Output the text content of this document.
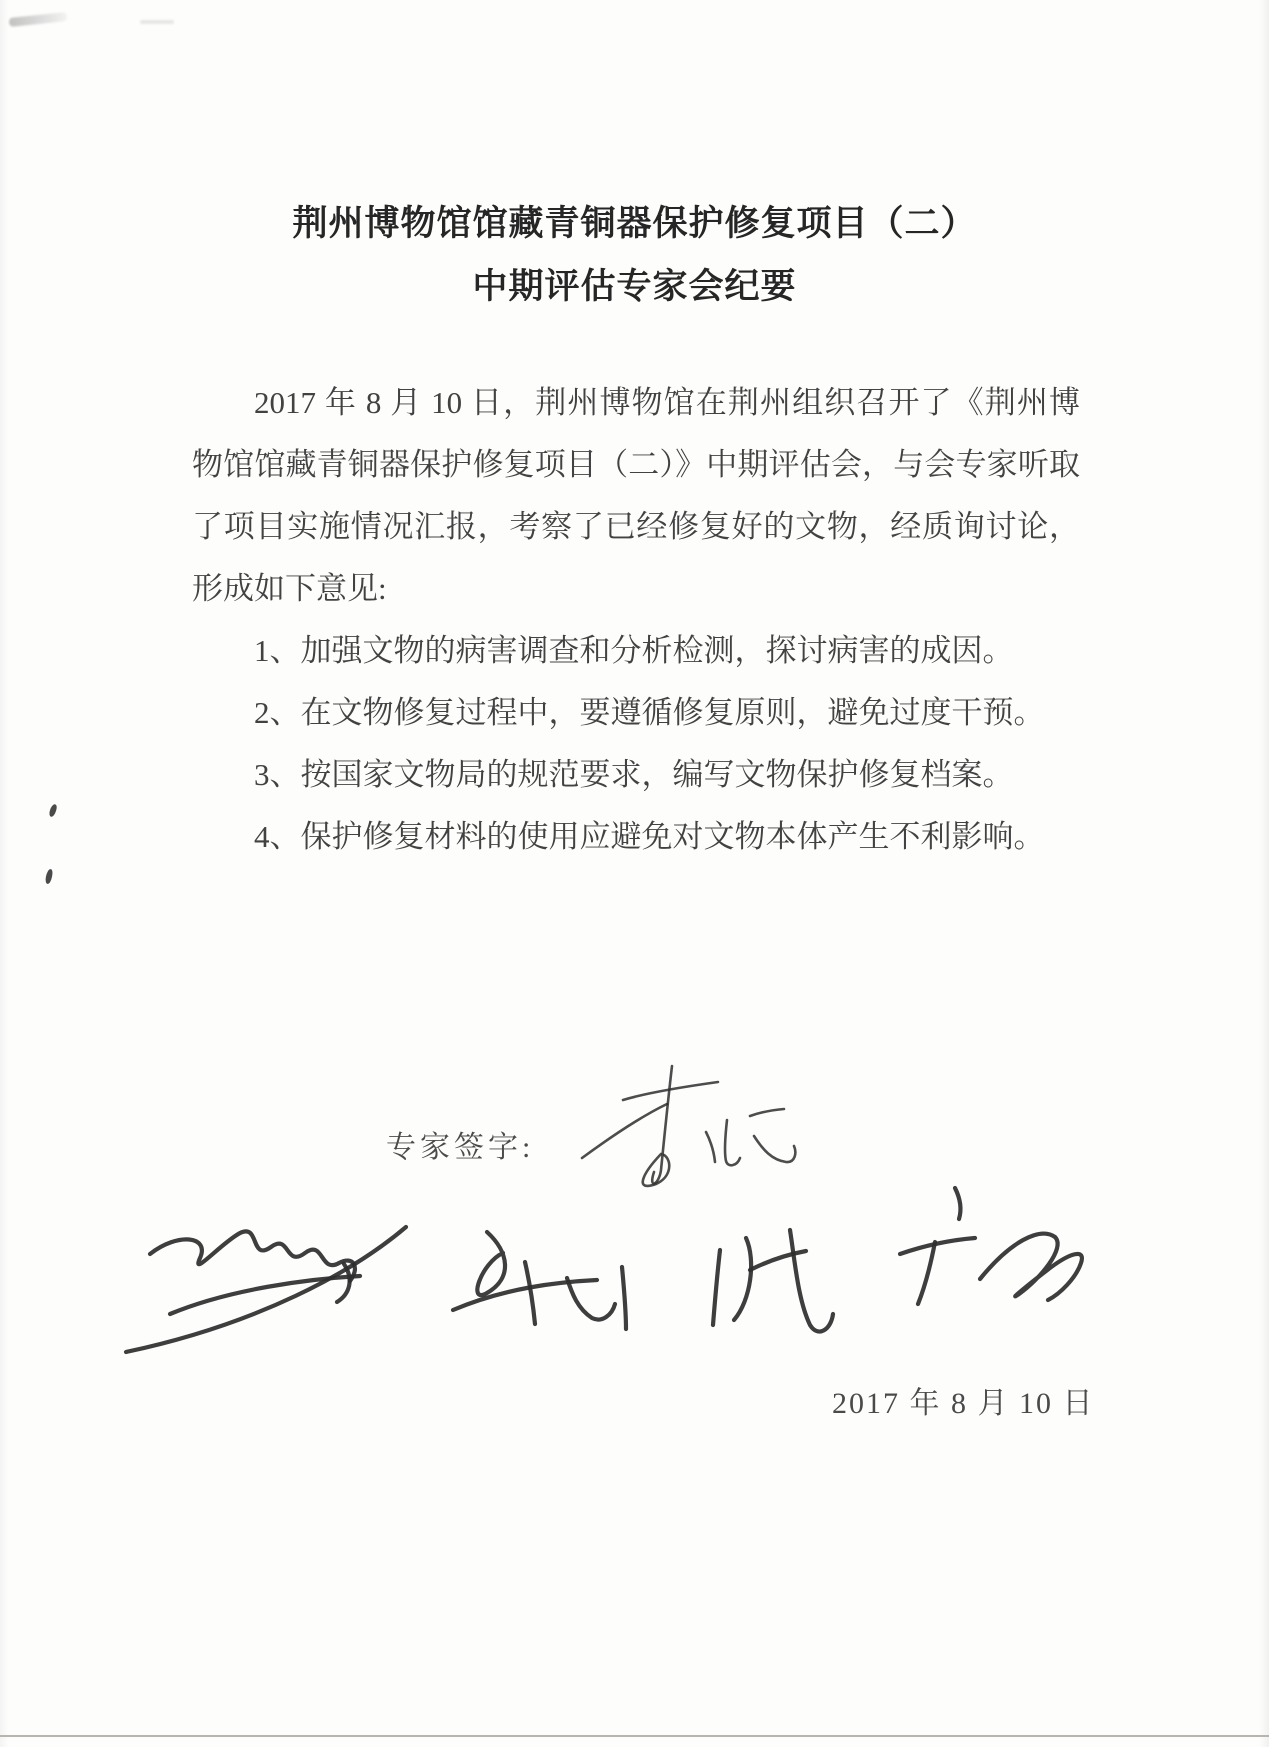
荆州博物馆馆藏青铜器保护修复项目（二）
中期评估专家会纪要

2017 年 8 月 10 日，荆州博物馆在荆州组织召开了《荆州博物馆馆藏青铜器保护修复项目（二）》中期评估会，与会专家听取了项目实施情况汇报，考察了已经修复好的文物，经质询讨论，形成如下意见:

1、加强文物的病害调查和分析检测，探讨病害的成因。

2、在文物修复过程中，要遵循修复原则，避免过度干预。

3、按国家文物局的规范要求，编写文物保护修复档案。

4、保护修复材料的使用应避免对文物本体产生不利影响。

专家签字:
2017 年 8 月 10 日
